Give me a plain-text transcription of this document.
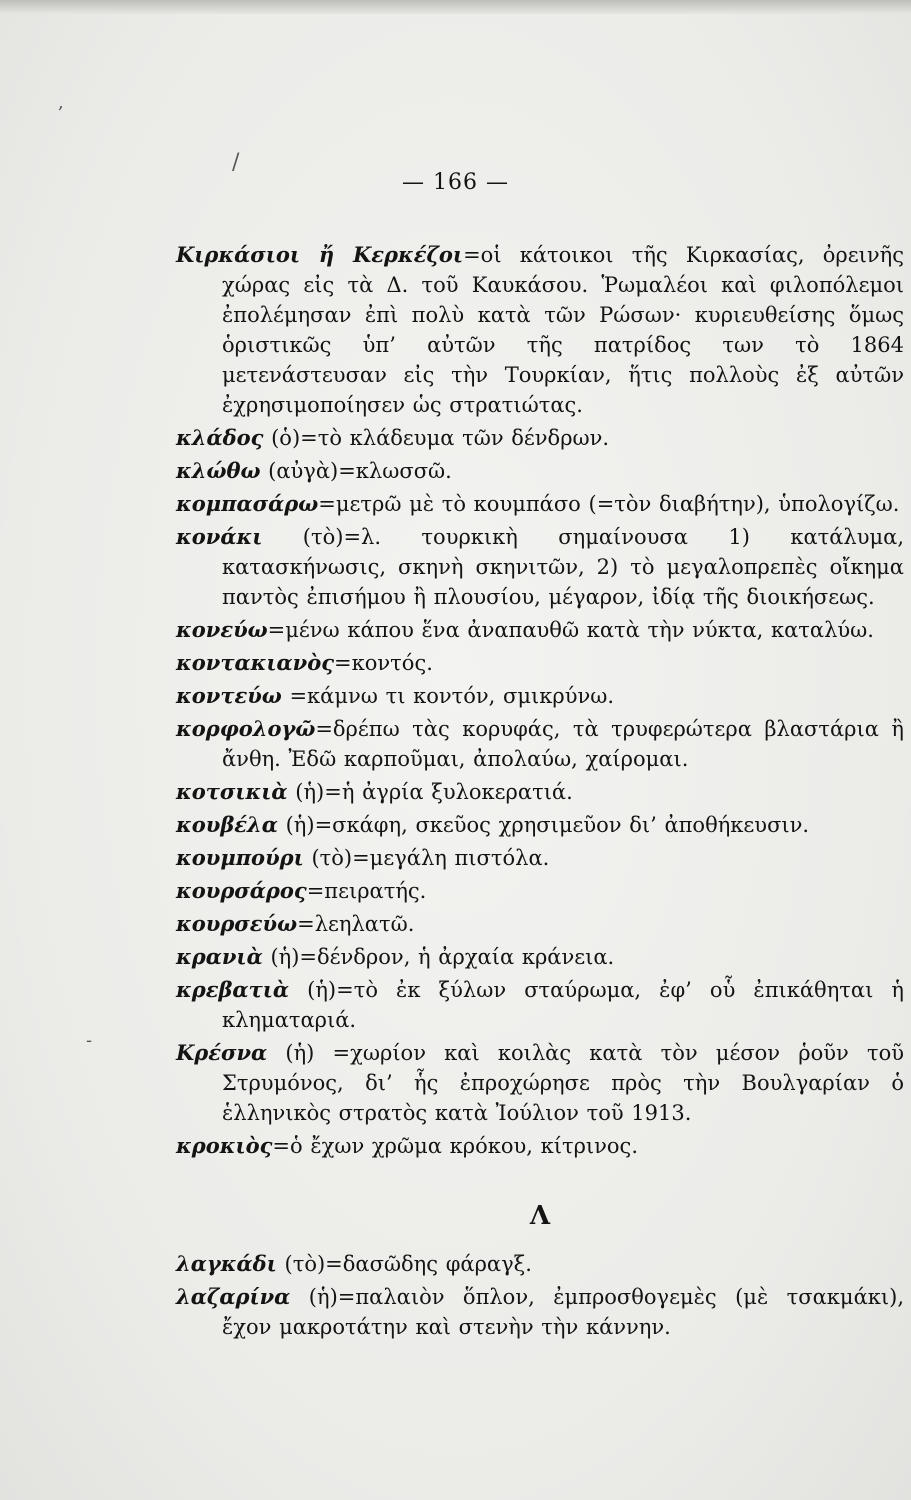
,
/
-
— 166 —

Κιρκάσιοι ἤ Κερκέζοι=οἱ κάτοικοι τῆς Κιρκασίας, ὀρεινῆς χώρας εἰς τὰ Δ. τοῦ Καυκάσου. Ῥωμαλέοι καὶ φιλοπόλεμοι ἐπολέμησαν ἐπὶ πολὺ κατὰ τῶν Ρώσων· κυριευθείσης ὅμως ὁριστικῶς ὑπ’ αὐτῶν τῆς πατρίδος των τὸ 1864 μετενάστευσαν εἰς τὴν Τουρκίαν, ἥτις πολλοὺς ἐξ αὐτῶν ἐχρησιμοποίησεν ὡς στρατιώτας.

κλάδος (ὁ)=τὸ κλάδευμα τῶν δένδρων.

κλώθω (αὐγὰ)=κλωσσῶ.

κομπασάρω=μετρῶ μὲ τὸ κουμπάσο (=τὸν διαβήτην), ὑπολογίζω.

κονάκι (τὸ)=λ. τουρκικὴ σημαίνουσα 1) κατάλυμα, κατασκήνωσις, σκηνὴ σκηνιτῶν, 2) τὸ μεγαλοπρεπὲς οἴκημα παντὸς ἐπισήμου ἢ πλουσίου, μέγαρον, ἰδίᾳ τῆς διοικήσεως.

κονεύω=μένω κάπου ἕνα ἀναπαυθῶ κατὰ τὴν νύκτα, καταλύω.

κοντακιανὸς=κοντός.

κοντεύω =κάμνω τι κοντόν, σμικρύνω.

κορφολογῶ=δρέπω τὰς κορυφάς, τὰ τρυφερώτερα βλαστάρια ἢ ἄνθη. Ἐδῶ καρποῦμαι, ἀπολαύω, χαίρομαι.

κοτσικιὰ (ἡ)=ἡ ἀγρία ξυλοκερατιά.

κουβέλα (ἡ)=σκάφη, σκεῦος χρησιμεῦον δι’ ἀποθήκευσιν.

κουμπούρι (τὸ)=μεγάλη πιστόλα.

κουρσάρος=πειρατής.

κουρσεύω=λεηλατῶ.

κρανιὰ (ἡ)=δένδρον, ἡ ἀρχαία κράνεια.

κρεβατιὰ (ἡ)=τὸ ἐκ ξύλων σταύρωμα, ἐφ’ οὗ ἐπικάθηται ἡ κληματαριά.

Κρέσνα (ἡ) =χωρίον καὶ κοιλὰς κατὰ τὸν μέσον ῥοῦν τοῦ Στρυμόνος, δι’ ἧς ἐπροχώρησε πρὸς τὴν Βουλγαρίαν ὁ ἑλληνικὸς στρατὸς κατὰ Ἰούλιον τοῦ 1913.

κροκιὸς=ὁ ἔχων χρῶμα κρόκου, κίτρινος.

Λ

λαγκάδι (τὸ)=δασῶδης φάραγξ.

λαζαρίνα (ἡ)=παλαιὸν ὅπλον, ἐμπροσθογεμὲς (μὲ τσακμάκι), ἔχον μακροτάτην καὶ στενὴν τὴν κάννην.
